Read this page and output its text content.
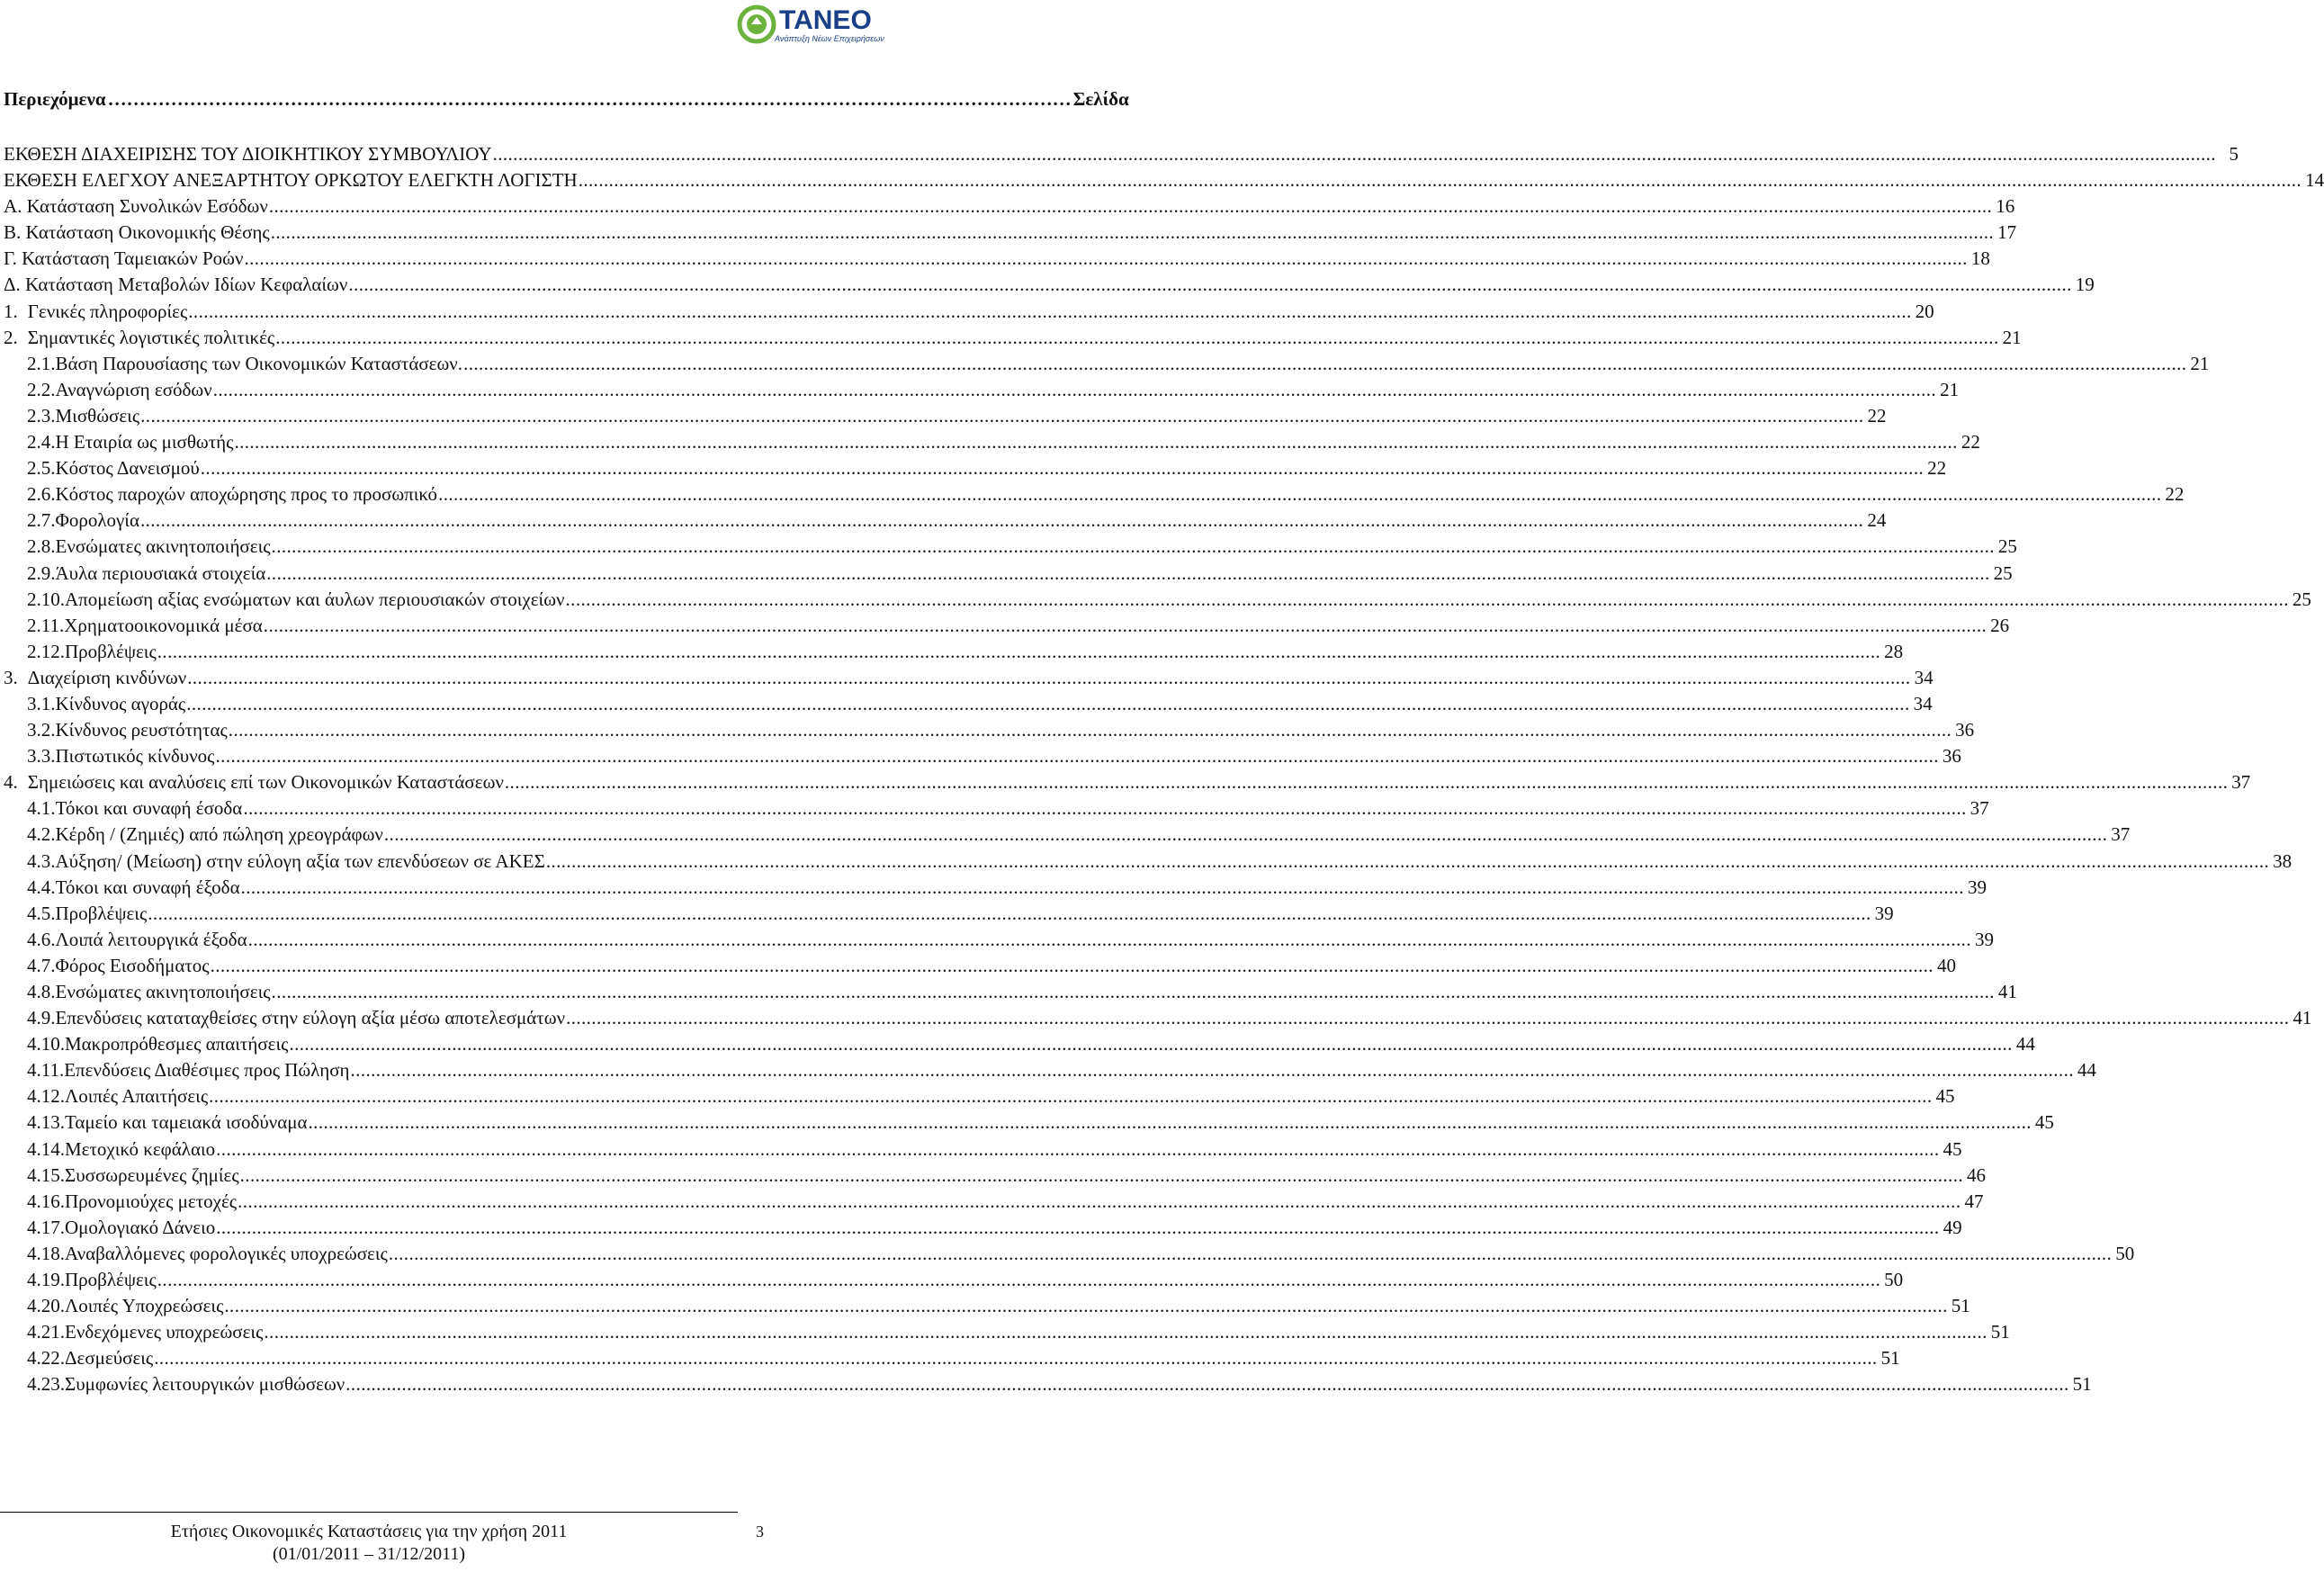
TANEO
Ανάπτυξη Νέων Επιχειρήσεων
Περιεχόμενα ………………………………………………………………………………………………………………………………………	Σελίδα
ΕΚΘΕΣΗ ΔΙΑΧΕΙΡΙΣΗΣ ΤΟΥ ΔΙΟΙΚΗΤΙΚΟΥ ΣΥΜΒΟΥΛΙΟΥ .....	5
ΕΚΘΕΣΗ ΕΛΕΓΧΟΥ ΑΝΕΞΑΡΤΗΤΟΥ ΟΡΚΩΤΟΥ ΕΛΕΓΚΤΗ ΛΟΓΙΣΤΗ .....	14
Α. Κατάσταση Συνολικών Εσόδων .....	16
Β. Κατάσταση Οικονομικής Θέσης .....	17
Γ. Κατάσταση Ταμειακών Ροών .....	18
Δ. Κατάσταση Μεταβολών Ιδίων Κεφαλαίων .....	19
1. Γενικές πληροφορίες .....	20
2. Σημαντικές λογιστικές πολιτικές .....	21
2.1. Βάση Παρουσίασης των Οικονομικών Καταστάσεων. .....	21
2.2. Αναγνώριση εσόδων .....	21
2.3. Μισθώσεις .....	22
2.4. Η Εταιρία ως μισθωτής .....	22
2.5. Κόστος Δανεισμού .....	22
2.6. Κόστος παροχών αποχώρησης προς το προσωπικό .....	22
2.7. Φορολογία .....	24
2.8. Ενσώματες ακινητοποιήσεις .....	25
2.9. Άυλα περιουσιακά στοιχεία .....	25
2.10. Απομείωση αξίας ενσώματων και άυλων περιουσιακών στοιχείων .....	25
2.11. Χρηματοοικονομικά μέσα .....	26
2.12. Προβλέψεις .....	28
3. Διαχείριση κινδύνων .....	34
3.1. Κίνδυνος αγοράς .....	34
3.2. Κίνδυνος ρευστότητας .....	36
3.3. Πιστωτικός κίνδυνος .....	36
4. Σημειώσεις και αναλύσεις επί των Οικονομικών Καταστάσεων .....	37
4.1. Τόκοι και συναφή έσοδα .....	37
4.2. Κέρδη / (Ζημιές) από πώληση χρεογράφων .....	37
4.3. Αύξηση/ (Μείωση) στην εύλογη αξία των επενδύσεων σε ΑΚΕΣ .....	38
4.4. Τόκοι και συναφή έξοδα .....	39
4.5. Προβλέψεις .....	39
4.6. Λοιπά λειτουργικά έξοδα .....	39
4.7. Φόρος Εισοδήματος .....	40
4.8. Ενσώματες ακινητοποιήσεις .....	41
4.9. Επενδύσεις καταταχθείσες στην εύλογη αξία μέσω αποτελεσμάτων .....	41
4.10. Μακροπρόθεσμες απαιτήσεις .....	44
4.11. Επενδύσεις Διαθέσιμες προς Πώληση .....	44
4.12. Λοιπές Απαιτήσεις .....	45
4.13. Ταμείο και ταμειακά ισοδύναμα .....	45
4.14. Μετοχικό κεφάλαιο .....	45
4.15. Συσσωρευμένες ζημίες .....	46
4.16. Προνομιούχες μετοχές .....	47
4.17. Ομολογιακό Δάνειο .....	49
4.18. Αναβαλλόμενες φορολογικές υποχρεώσεις .....	50
4.19. Προβλέψεις .....	50
4.20. Λοιπές Υποχρεώσεις .....	51
4.21. Ενδεχόμενες υποχρεώσεις .....	51
4.22. Δεσμεύσεις .....	51
4.23. Συμφωνίες λειτουργικών μισθώσεων .....	51
Ετήσιες Οικονομικές Καταστάσεις για την χρήση 2011
(01/01/2011 – 31/12/2011)
3
